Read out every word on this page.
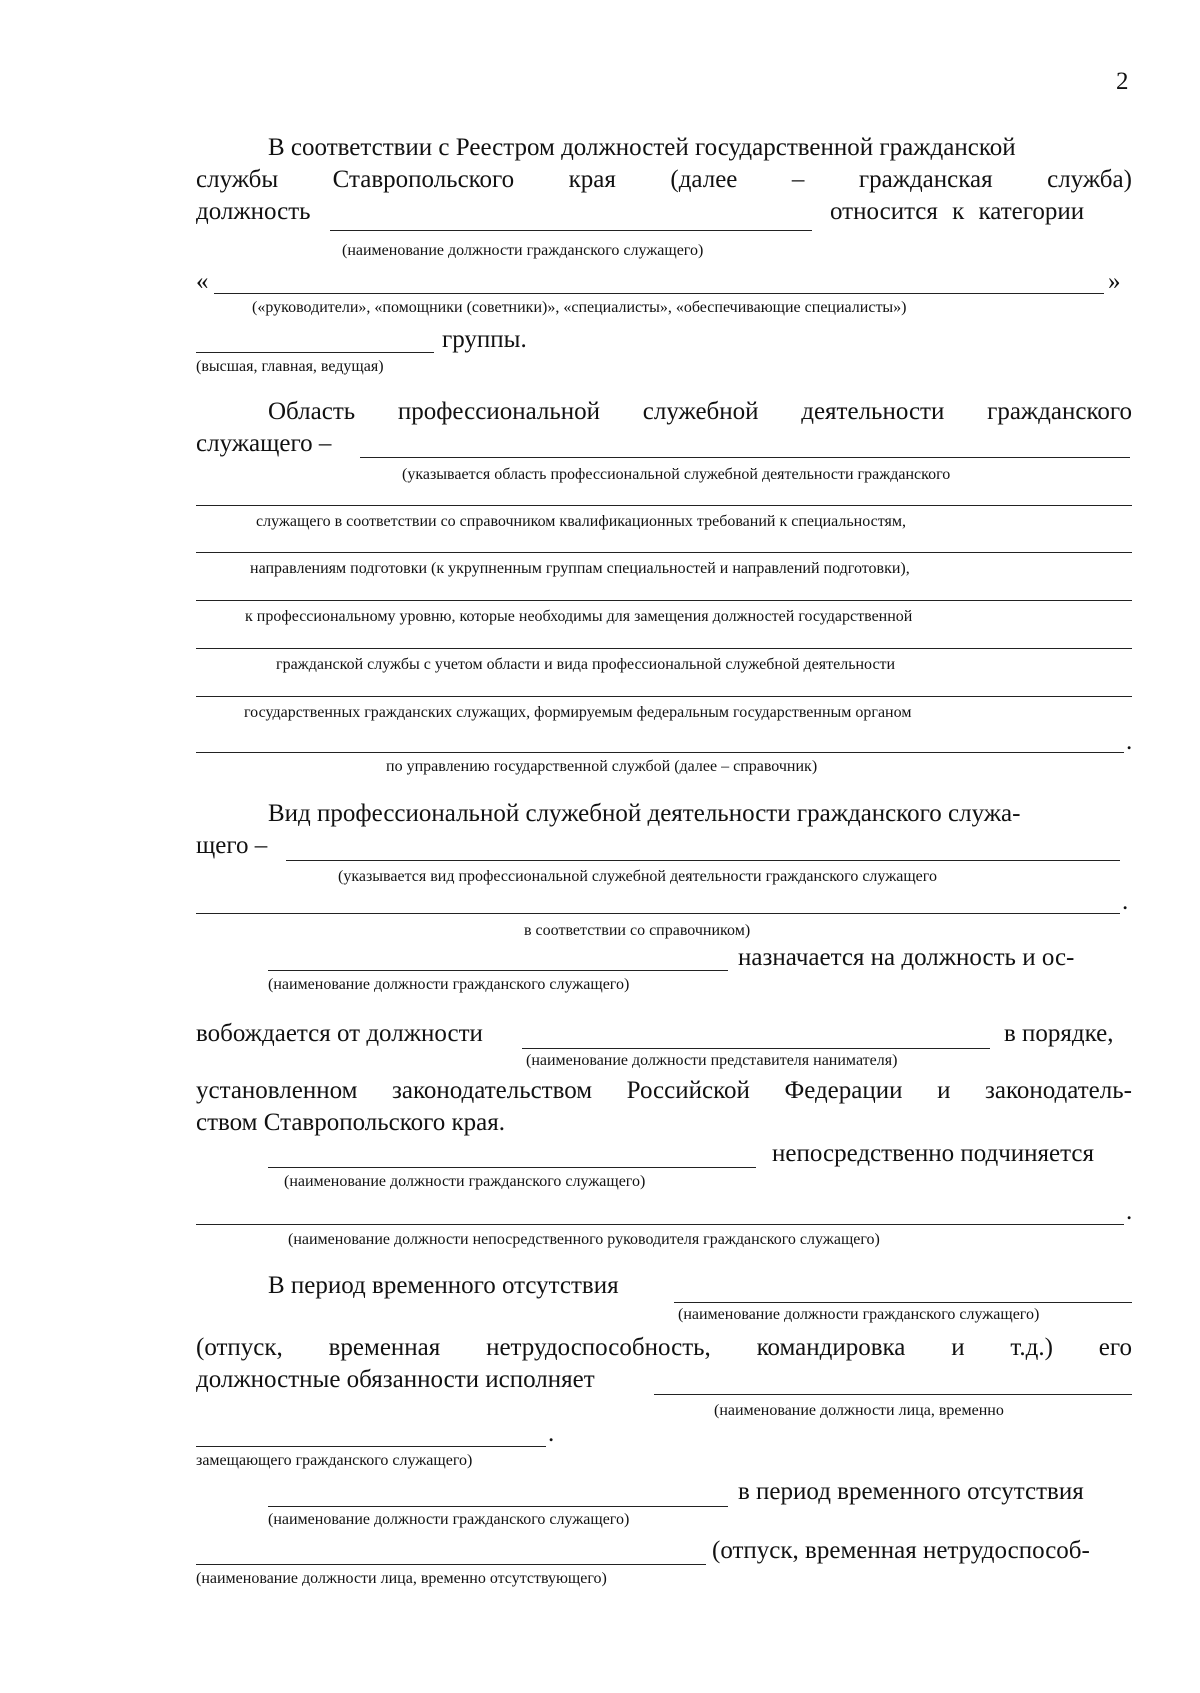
2
В соответствии с Реестром должностей государственной гражданской
службы Ставропольского края (далее – гражданская служба)
должность	относится к категории
(наименование должности гражданского служащего)
«	»
(«руководители», «помощники (советники)», «специалисты», «обеспечивающие специалисты»)
группы.
(высшая, главная, ведущая)
Область профессиональной служебной деятельности гражданского
служащего –
(указывается область профессиональной служебной деятельности гражданского
служащего в соответствии со справочником квалификационных требований к специальностям,
направлениям подготовки (к укрупненным группам специальностей и направлений подготовки),
к профессиональному уровню, которые необходимы для замещения должностей государственной
гражданской службы с учетом области и вида профессиональной служебной деятельности
государственных гражданских служащих, формируемым федеральным государственным органом
.
по управлению государственной службой (далее – справочник)
Вид профессиональной служебной деятельности гражданского служа-
щего –
(указывается вид профессиональной служебной деятельности гражданского служащего
.
в соответствии со справочником)
назначается на должность и ос-
(наименование должности гражданского служащего)
вобождается от должности	в порядке,
(наименование должности представителя нанимателя)
установленном законодательством Российской Федерации и законодатель-
ством Ставропольского края.
непосредственно подчиняется
(наименование должности гражданского служащего)
.
(наименование должности непосредственного руководителя гражданского служащего)
В период временного отсутствия
(наименование должности гражданского служащего)
(отпуск, временная нетрудоспособность, командировка и т.д.) его
должностные обязанности исполняет
(наименование должности лица, временно
.
замещающего гражданского служащего)
в период временного отсутствия
(наименование должности гражданского служащего)
(отпуск, временная нетрудоспособ-
(наименование должности лица, временно отсутствующего)
